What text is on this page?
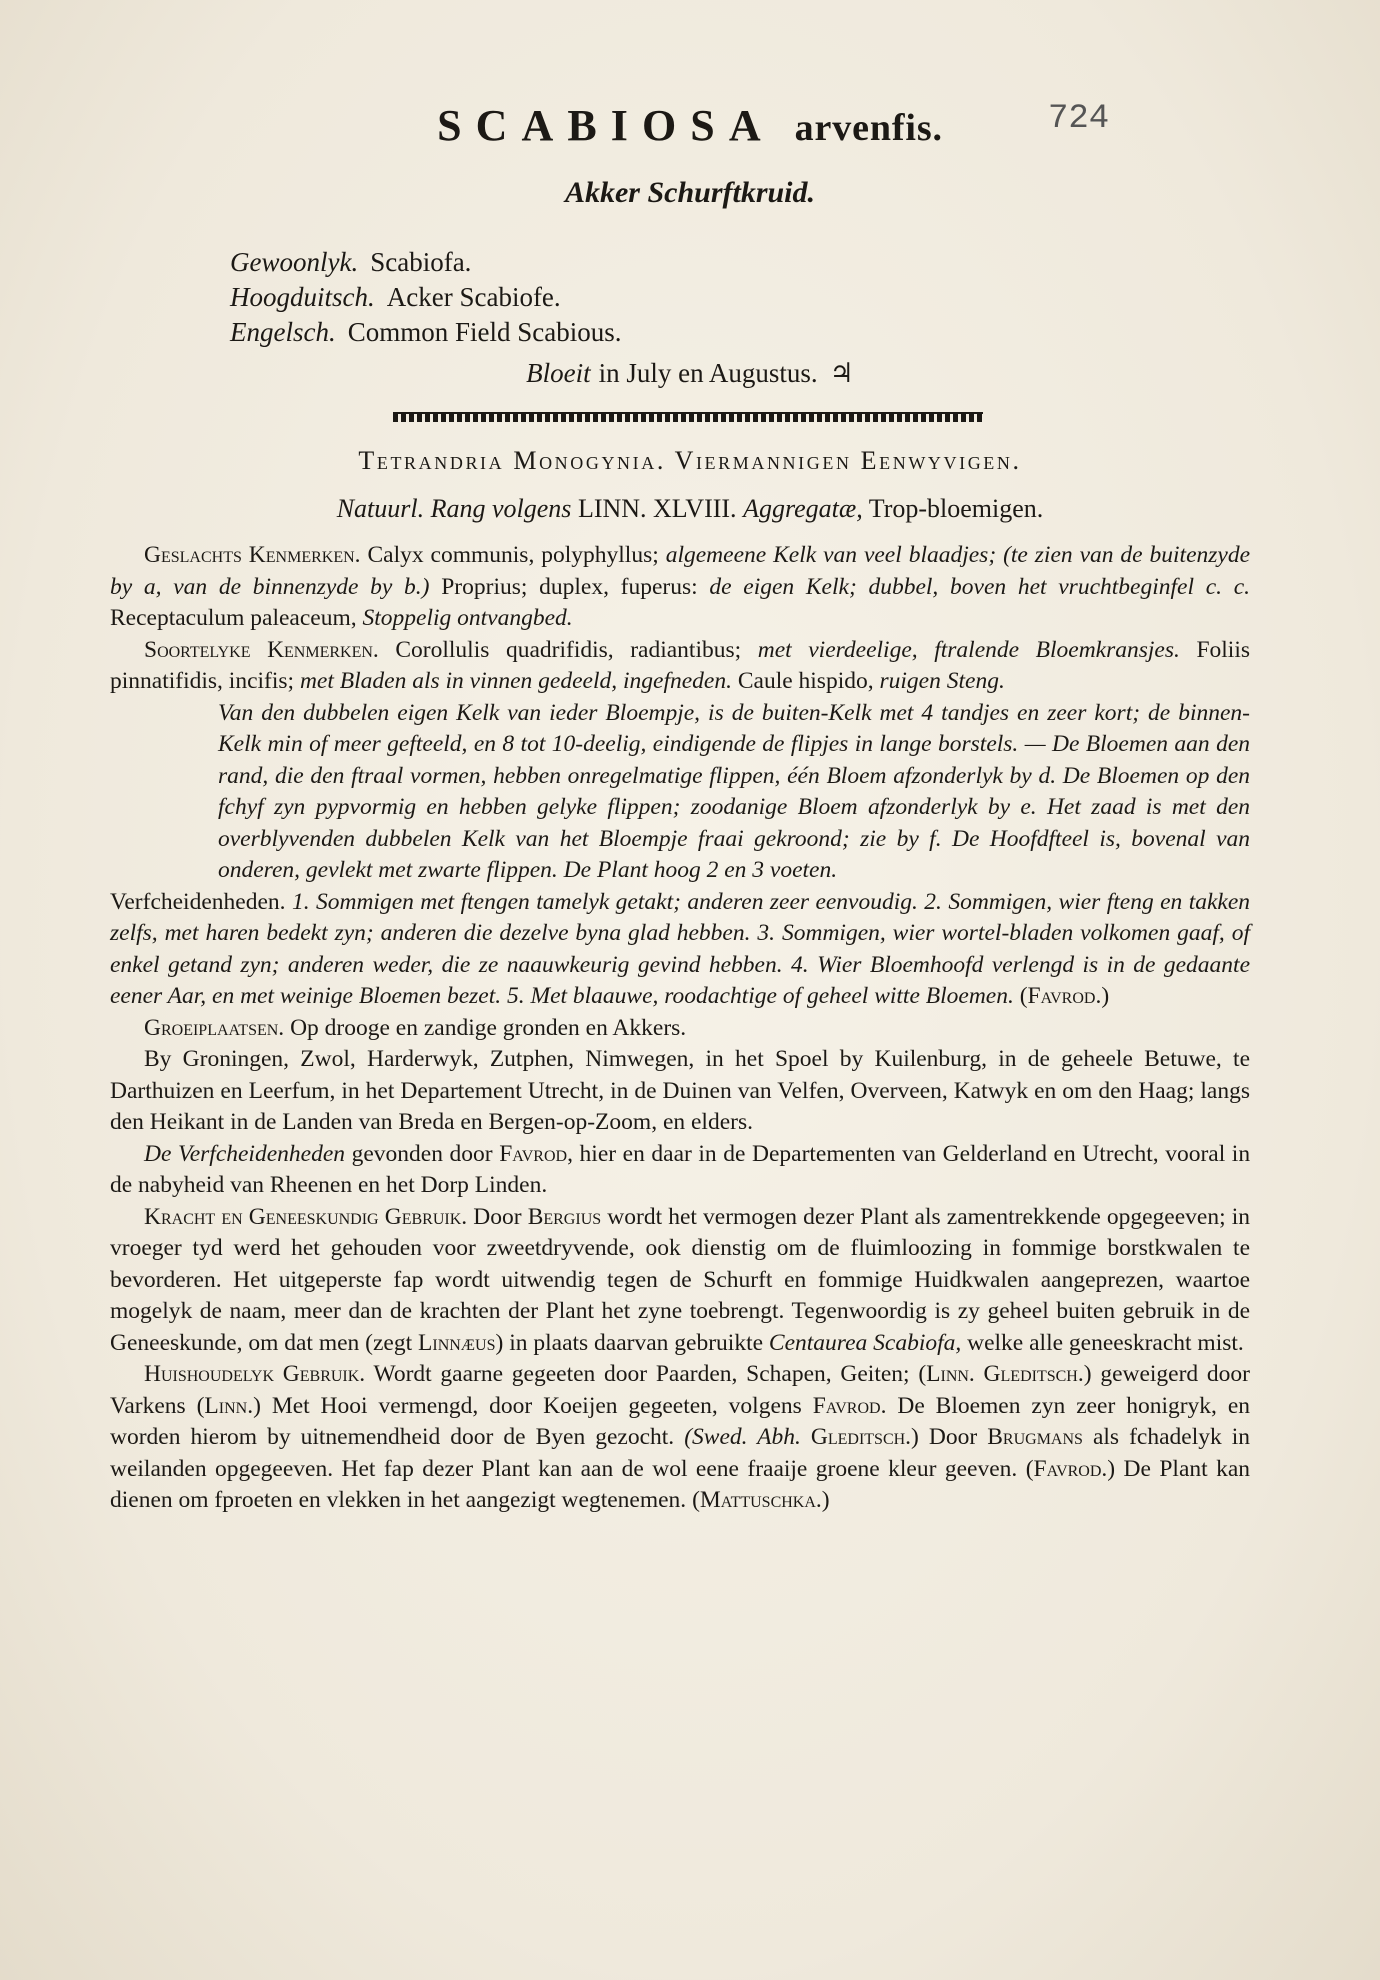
SCABIOSA arvenfis.	724
Akker Schurftkruid.
Gewoonlyk. Scabiofa.
Hoogduitsch. Acker Scabiofe.
Engelsch. Common Field Scabious.
Bloeit in July en Augustus. ♃
Tetrandria Monogynia. Viermannigen Eenwyvigen.
Natuurl. Rang volgens LINN. XLVIII. Aggregatæ, Trop-bloemigen.

Geslachts Kenmerken. Calyx communis, polyphyllus; algemeene Kelk van veel blaadjes; (te zien van de buitenzyde by a, van de binnenzyde by b.) Proprius; duplex, fuperus: de eigen Kelk; dubbel, boven het vruchtbeginfel c. c. Receptaculum paleaceum, Stoppelig ontvangbed.

Soortelyke Kenmerken. Corollulis quadrifidis, radiantibus; met vierdeelige, ftralende Bloemkransjes. Foliis pinnatifidis, incifis; met Bladen als in vinnen gedeeld, ingefneden. Caule hispido, ruigen Steng.

Van den dubbelen eigen Kelk van ieder Bloempje, is de buiten-Kelk met 4 tandjes en zeer kort; de binnen-Kelk min of meer gefteeld, en 8 tot 10-deelig, eindigende de flipjes in lange borstels. — De Bloemen aan den rand, die den ftraal vormen, hebben onregelmatige flippen, één Bloem afzonderlyk by d. De Bloemen op den fchyf zyn pypvormig en hebben gelyke flippen; zoodanige Bloem afzonderlyk by e. Het zaad is met den overblyvenden dubbelen Kelk van het Bloempje fraai gekroond; zie by f. De Hoofdfteel is, bovenal van onderen, gevlekt met zwarte flippen. De Plant hoog 2 en 3 voeten.

Verfcheidenheden. 1. Sommigen met ftengen tamelyk getakt; anderen zeer eenvoudig. 2. Sommigen, wier fteng en takken zelfs, met haren bedekt zyn; anderen die dezelve byna glad hebben. 3. Sommigen, wier wortel-bladen volkomen gaaf, of enkel getand zyn; anderen weder, die ze naauwkeurig gevind hebben. 4. Wier Bloemhoofd verlengd is in de gedaante eener Aar, en met weinige Bloemen bezet. 5. Met blaauwe, roodachtige of geheel witte Bloemen. (Favrod.)

Groeiplaatsen. Op drooge en zandige gronden en Akkers.

By Groningen, Zwol, Harderwyk, Zutphen, Nimwegen, in het Spoel by Kuilenburg, in de geheele Betuwe, te Darthuizen en Leerfum, in het Departement Utrecht, in de Duinen van Velfen, Overveen, Katwyk en om den Haag; langs den Heikant in de Landen van Breda en Bergen-op-Zoom, en elders.

De Verfcheidenheden gevonden door Favrod, hier en daar in de Departementen van Gelderland en Utrecht, vooral in de nabyheid van Rheenen en het Dorp Linden.

Kracht en Geneeskundig Gebruik. Door Bergius wordt het vermogen dezer Plant als zamentrekkende opgegeeven; in vroeger tyd werd het gehouden voor zweetdryvende, ook dienstig om de fluimloozing in fommige borstkwalen te bevorderen. Het uitgeperste fap wordt uitwendig tegen de Schurft en fommige Huidkwalen aangeprezen, waartoe mogelyk de naam, meer dan de krachten der Plant het zyne toebrengt. Tegenwoordig is zy geheel buiten gebruik in de Geneeskunde, om dat men (zegt Linnæus) in plaats daarvan gebruikte Centaurea Scabiofa, welke alle geneeskracht mist.

Huishoudelyk Gebruik. Wordt gaarne gegeeten door Paarden, Schapen, Geiten; (Linn. Gleditsch.) geweigerd door Varkens (Linn.) Met Hooi vermengd, door Koeijen gegeeten, volgens Favrod. De Bloemen zyn zeer honigryk, en worden hierom by uitnemendheid door de Byen gezocht. (Swed. Abh. Gleditsch.) Door Brugmans als fchadelyk in weilanden opgegeeven. Het fap dezer Plant kan aan de wol eene fraaije groene kleur geeven. (Favrod.) De Plant kan dienen om fproeten en vlekken in het aangezigt wegtenemen. (Mattuschka.)
